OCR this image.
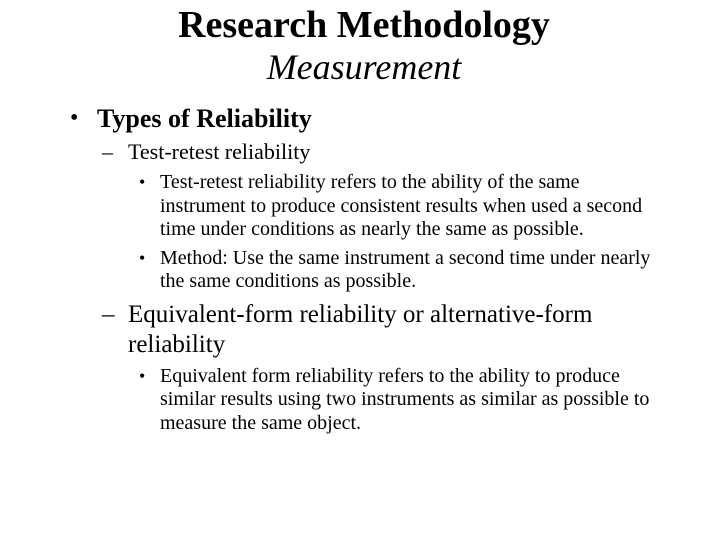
Research Methodology
Measurement
• Types of Reliability
– Test-retest reliability
• Test-retest reliability refers to the ability of the same instrument to produce consistent results when used a second time under conditions as nearly the same as possible.
• Method: Use the same instrument a second time under nearly the same conditions as possible.
– Equivalent-form reliability or alternative-form reliability
• Equivalent form reliability refers to the ability to produce similar results using two instruments as similar as possible to measure the same object.
